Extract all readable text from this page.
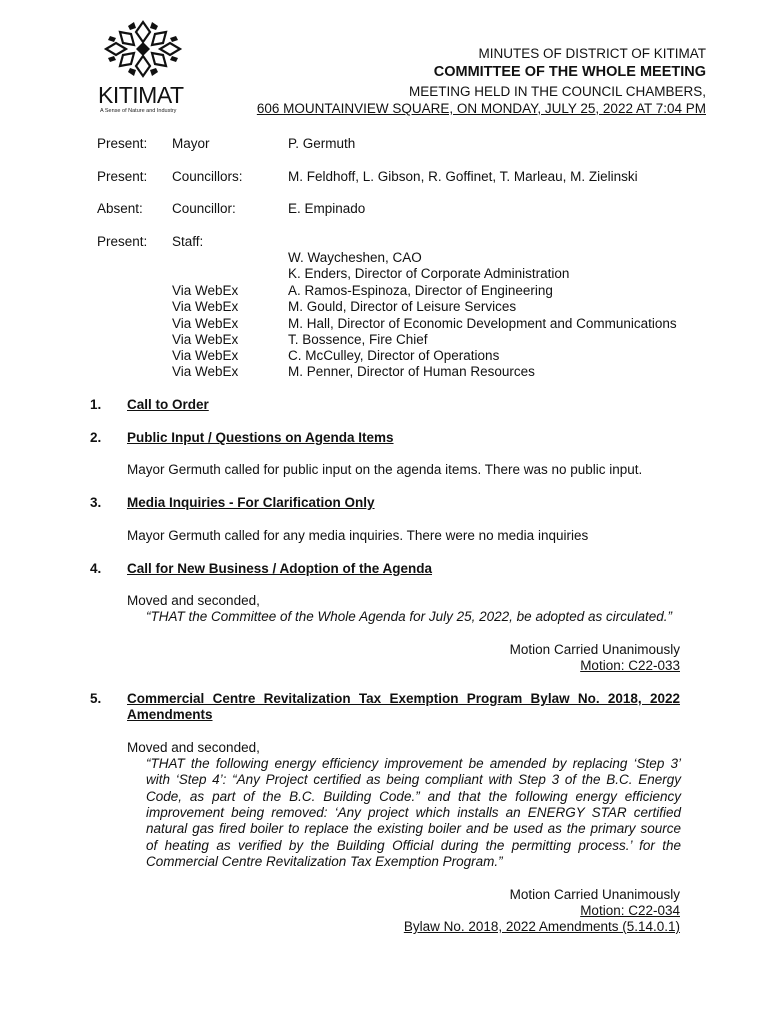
KITIMAT
A Sense of Nature and Industry
MINUTES OF DISTRICT OF KITIMAT
COMMITTEE OF THE WHOLE MEETING
MEETING HELD IN THE COUNCIL CHAMBERS,
606 MOUNTAINVIEW SQUARE, ON MONDAY, JULY 25, 2022 AT 7:04 PM
Present: Mayor	P. Germuth
Present: Councillors:	M. Feldhoff, L. Gibson, R. Goffinet, T. Marleau, M. Zielinski
Absent: Councillor:	E. Empinado
Present: Staff:
W. Waycheshen, CAO
K. Enders, Director of Corporate Administration
Via WebEx	A. Ramos-Espinoza, Director of Engineering
Via WebEx	M. Gould, Director of Leisure Services
Via WebEx	M. Hall, Director of Economic Development and Communications
Via WebEx	T. Bossence, Fire Chief
Via WebEx	C. McCulley, Director of Operations
Via WebEx	M. Penner, Director of Human Resources
1. Call to Order
2. Public Input / Questions on Agenda Items
Mayor Germuth called for public input on the agenda items. There was no public input.
3. Media Inquiries - For Clarification Only
Mayor Germuth called for any media inquiries. There were no media inquiries
4. Call for New Business / Adoption of the Agenda
Moved and seconded,
“THAT the Committee of the Whole Agenda for July 25, 2022, be adopted as circulated.”
Motion Carried Unanimously
Motion: C22-033
5. Commercial Centre Revitalization Tax Exemption Program Bylaw No. 2018, 2022
Amendments
Moved and seconded,
“THAT the following energy efficiency improvement be amended by replacing ‘Step 3’
with ‘Step 4’: “Any Project certified as being compliant with Step 3 of the B.C. Energy
Code, as part of the B.C. Building Code.” and that the following energy efficiency
improvement being removed: ‘Any project which installs an ENERGY STAR certified
natural gas fired boiler to replace the existing boiler and be used as the primary source
of heating as verified by the Building Official during the permitting process.’ for the
Commercial Centre Revitalization Tax Exemption Program.”
Motion Carried Unanimously
Motion: C22-034
Bylaw No. 2018, 2022 Amendments (5.14.0.1)
